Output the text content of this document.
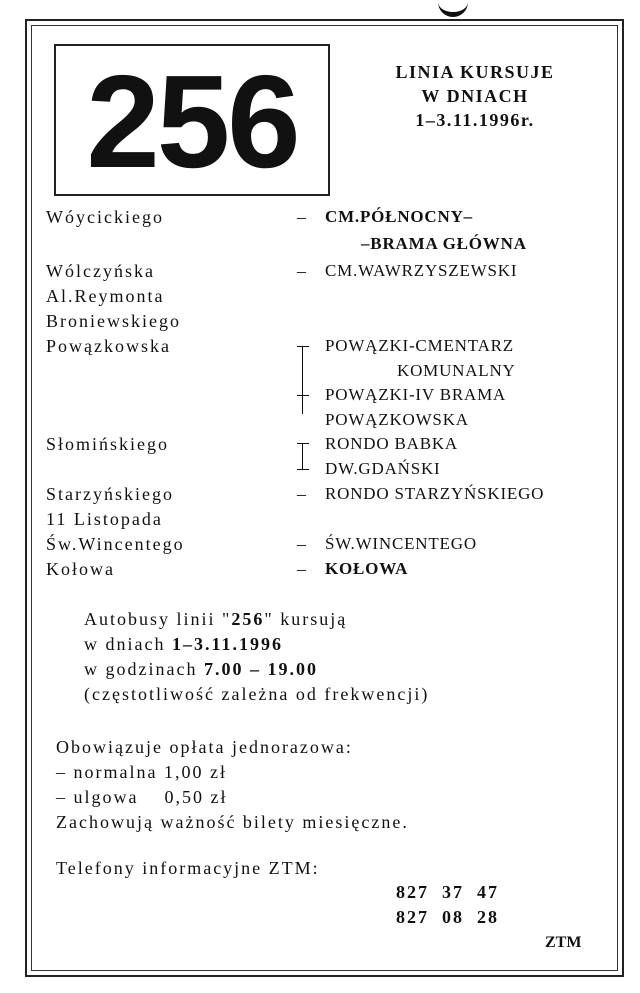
256	LINIA KURSUJE
W DNIACH
1–3.11.1996r.
Wóycickiego
Wólczyńska
Al.Reymonta
Broniewskiego
Powązkowska
Słomińskiego
Starzyńskiego
11 Listopada
Św.Wincentego
Kołowa
– CM.PÓŁNOCNY–
–BRAMA GŁÓWNA
– CM.WAWRZYSZEWSKI
POWĄZKI-CMENTARZ
KOMUNALNY
POWĄZKI-IV BRAMA
POWĄZKOWSKA
RONDO BABKA
DW.GDAŃSKI
– RONDO STARZYŃSKIEGO
– ŚW.WINCENTEGO
– KOŁOWA
Autobusy linii "256" kursują
w dniach 1–3.11.1996
w godzinach 7.00 – 19.00
(częstotliwość zależna od frekwencji)
Obowiązuje opłata jednorazowa:
– normalna 1,00 zł
– ulgowa    0,50 zł
Zachowują ważność bilety miesięczne.
Telefony informacyjne ZTM:
827  37  47
827  08  28
ZTM
